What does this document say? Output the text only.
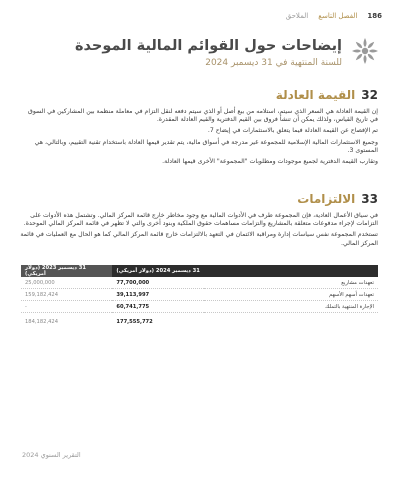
186
الفصل التاسع
الملاحق
إيضاحات حول القوائم المالية الموحدة
للسنة المنتهية في 31 ديسمبر 2024
32
القيمة العادلة

إن القيمة العادلة هي السعر الذي سيتم، استلامه من بيع أصل أو الذي سيتم دفعه لنقل التزام في معاملة منظمة بين المشاركين في السوق في تاريخ القياس، ولذلك يمكن أن تنشأ فروق بين القيم الدفترية والقيم العادلة المقدرة.

تم الإفصاح عن القيمة العادلة فيما يتعلق بالاستثمارات في إيضاح 7.

وجميع الاستثمارات المالية الإسلامية للمجموعة غير مدرجة في أسواق مالية، يتم تقدير قيمها العادلة باستخدام تقنية التقييم، وبالتالي، هي المستوى 3.

وتقارب القيمة الدفترية لجميع موجودات ومطلوبات "المجموعة" الأخرى قيمها العادلة.

33
الالتزامات

في سياق الأعمال العادية، فإن المجموعة طرف في الأدوات المالية مع وجود مخاطر خارج قائمة المركز المالي. وتشتمل هذه الأدوات على التزامات لإجراء مدفوعات متعلقة بالمشاريع والتزامات مساهمات حقوق الملكية وبنود أخرى والتي لا تظهر في قائمة المركز المالي الموحدة.

تستخدم المجموعة نفس سياسات إدارة ومراقبة الائتمان في التعهد بالالتزامات خارج قائمة المركز المالي كما هو الحال مع العمليات في قائمة المركز المالي.

	31 ديسمبر 2024 (دولار أمريكي)	31 ديسمبر 2023 (دولار أمريكي)
تعهدات مشاريع	77,700,000	25,000,000
تعهدات أسهم الأسهم	39,113,997	159,182,424
الإجارة المنتهية بالتملك	60,741,775	-
	177,555,772	184,182,424
التقرير السنوي 2024
